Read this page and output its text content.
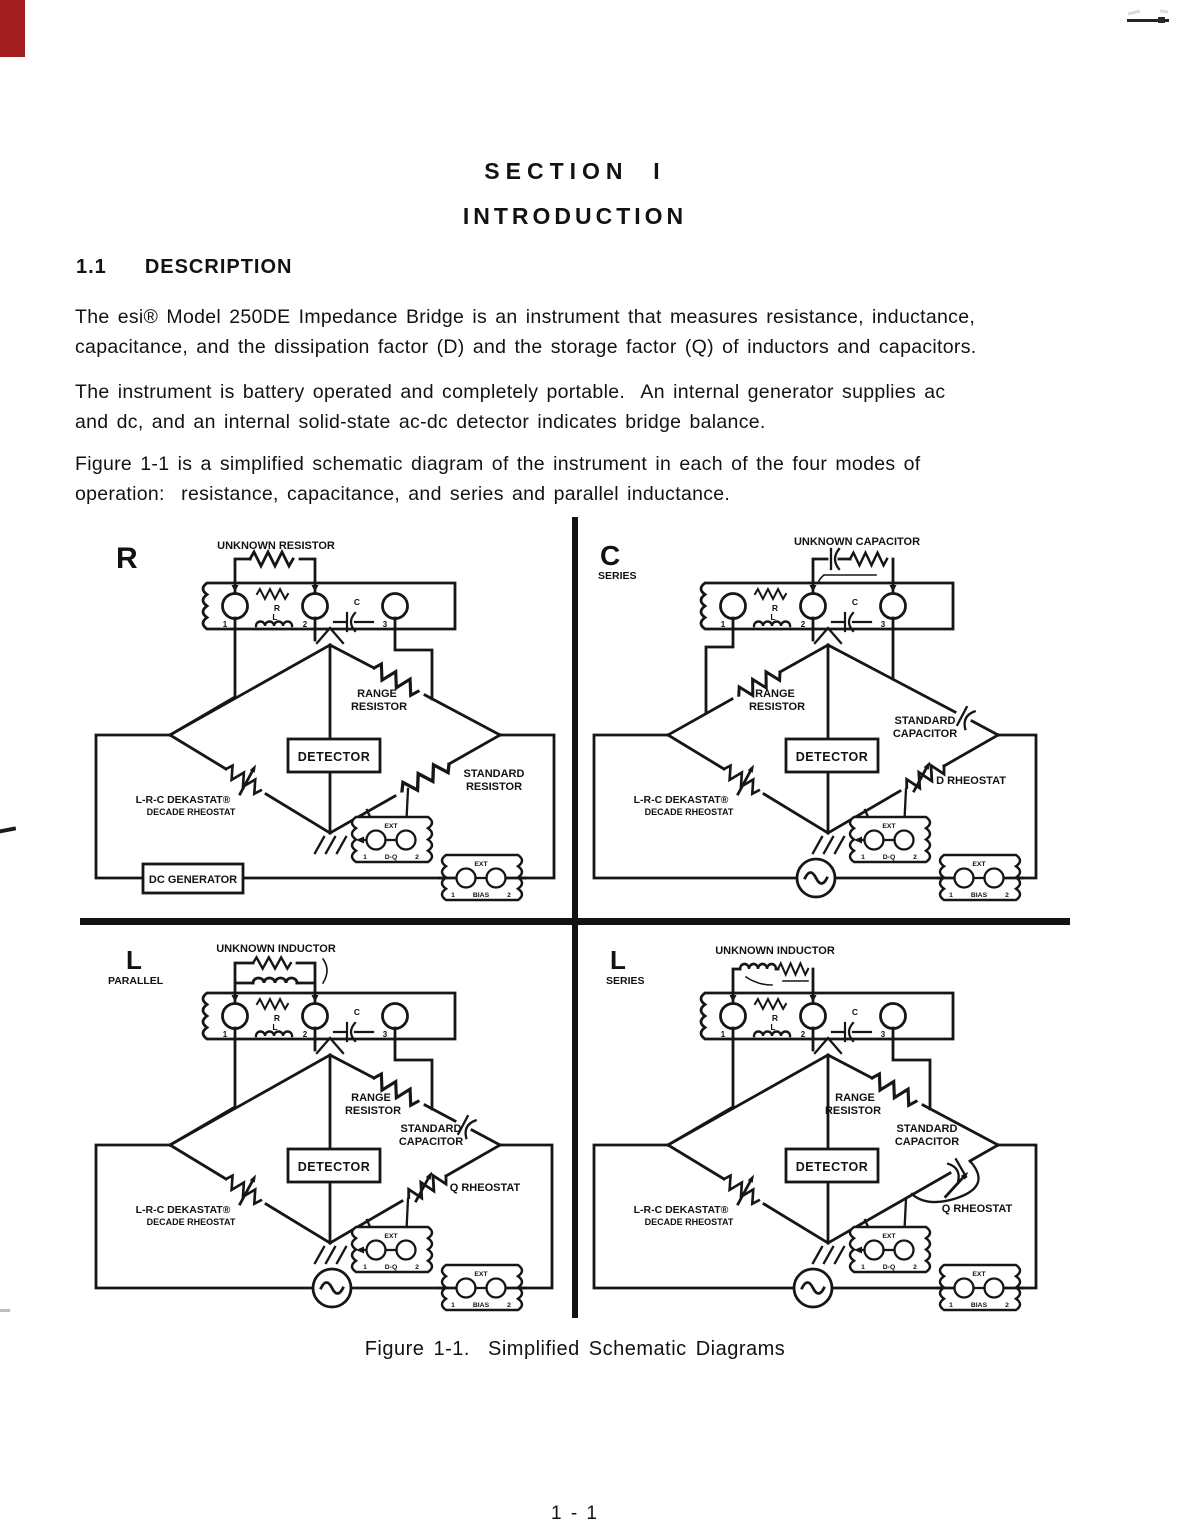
SECTION  I
INTRODUCTION
1.1 DESCRIPTION
The esi® Model 250DE Impedance Bridge is an instrument that measures resistance, inductance,
capacitance, and the dissipation factor (D) and the storage factor (Q) of inductors and capacitors.
The instrument is battery operated and completely portable.  An internal generator supplies ac
and dc, and an internal solid-state ac-dc detector indicates bridge balance.
Figure 1-1 is a simplified schematic diagram of the instrument in each of the four modes of
operation:  resistance, capacitance, and series and parallel inductance.
R	UNKNOWN RESISTOR
R
L
C
1	2	3
RANGE
RESISTOR
DETECTOR
STANDARD
RESISTOR
L-R-C DEKASTAT®
DECADE RHEOSTAT
DC GENERATOR
EXT
1	D-Q	2
EXT
1	BIAS	2
C
SERIES
UNKNOWN CAPACITOR
R
L
C
1	2	3
RANGE
RESISTOR
DETECTOR
STANDARD
CAPACITOR
D RHEOSTAT
L-R-C DEKASTAT®
DECADE RHEOSTAT
EXT
1	D-Q	2
EXT
1	BIAS	2
L
PARALLEL
UNKNOWN INDUCTOR
R
L
C
1	2	3
RANGE
RESISTOR
DETECTOR
STANDARD
CAPACITOR
Q RHEOSTAT
L-R-C DEKASTAT®
DECADE RHEOSTAT
EXT
1	D-Q	2
EXT
1	BIAS	2
L
SERIES
UNKNOWN INDUCTOR
R
L
C
1	2	3
RANGE
RESISTOR
DETECTOR
STANDARD
CAPACITOR
Q RHEOSTAT
L-R-C DEKASTAT®
DECADE RHEOSTAT
EXT
1	D-Q	2
EXT
1	BIAS	2
Figure 1-1.  Simplified Schematic Diagrams
1 - 1
